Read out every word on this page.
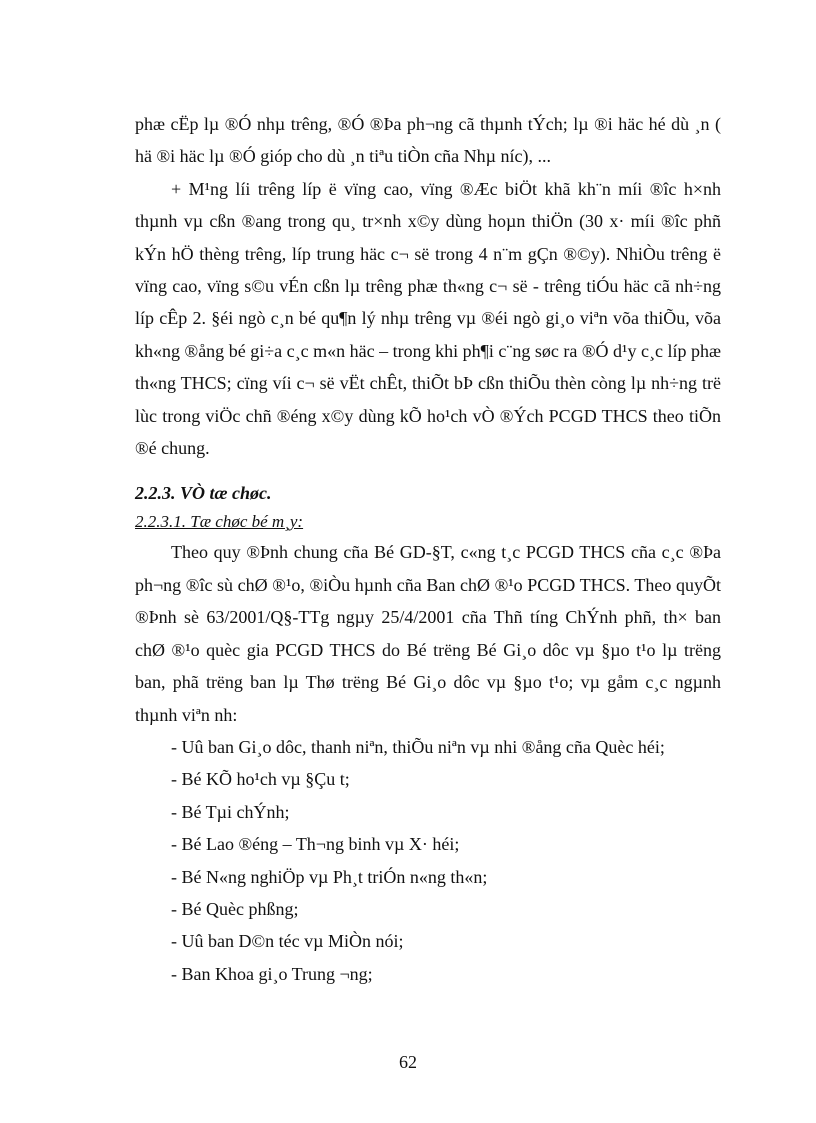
phæ cËp lµ ®Ó nhµ trêng, ®Ó ®Þa ph¬ng cã thµnh tÝch; lµ ®i häc hé dù ¸n ( hä ®i häc lµ ®Ó gióp cho dù ¸n tiªu tiÒn cña Nhµ níc), ...

+ M¹ng líi trêng líp ë vïng cao, vïng ®Æc biÖt khã kh¨n míi ®îc h×nh thµnh vµ cßn ®ang trong qu¸ tr×nh x©y dùng hoµn thiÖn (30 x· míi ®îc phñ kÝn hÖ thèng trêng, líp trung häc c¬ së trong 4 n¨m gÇn ®©y). NhiÒu trêng ë vïng cao, vïng s©u vÉn cßn lµ trêng phæ th«ng c¬ së - trêng tiÓu häc cã nh÷ng líp cÊp 2. §éi ngò c¸n bé qu¶n lý nhµ trêng vµ ®éi ngò gi¸o viªn võa thiÕu, võa kh«ng ®ång bé gi÷a c¸c m«n häc – trong khi ph¶i c¨ng søc ra ®Ó d¹y c¸c líp phæ th«ng THCS; cïng víi c¬ së vËt chÊt, thiÕt bÞ cßn thiÕu thèn còng lµ nh÷ng trë lùc trong viÖc chñ ®éng x©y dùng kÕ ho¹ch vÒ ®Ých PCGD THCS theo tiÕn ®é chung.

2.2.3. VÒ tæ chøc.
2.2.3.1. Tæ chøc bé m¸y:

Theo quy ®Þnh chung cña Bé GD-§T, c«ng t¸c PCGD THCS cña c¸c ®Þa ph¬ng ®îc sù chØ ®¹o, ®iÒu hµnh cña Ban chØ ®¹o PCGD THCS. Theo quyÕt ®Þnh sè 63/2001/Q§-TTg ngµy 25/4/2001 cña Thñ tíng ChÝnh phñ, th× ban chØ ®¹o quèc gia PCGD THCS do Bé trëng Bé Gi¸o dôc vµ §µo t¹o lµ trëng ban, phã trëng ban lµ Thø trëng Bé Gi¸o dôc vµ §µo t¹o; vµ gåm c¸c ngµnh thµnh viªn nh:

- Uû ban Gi¸o dôc, thanh niªn, thiÕu niªn vµ nhi ®ång cña Quèc héi;
- Bé KÕ ho¹ch vµ §Çu t;
- Bé Tµi chÝnh;
- Bé Lao ®éng – Th¬ng binh vµ X· héi;
- Bé N«ng nghiÖp vµ Ph¸t triÓn n«ng th«n;
- Bé Quèc phßng;
- Uû ban D©n téc vµ MiÒn nói;
- Ban Khoa gi¸o Trung ¬ng;
62
